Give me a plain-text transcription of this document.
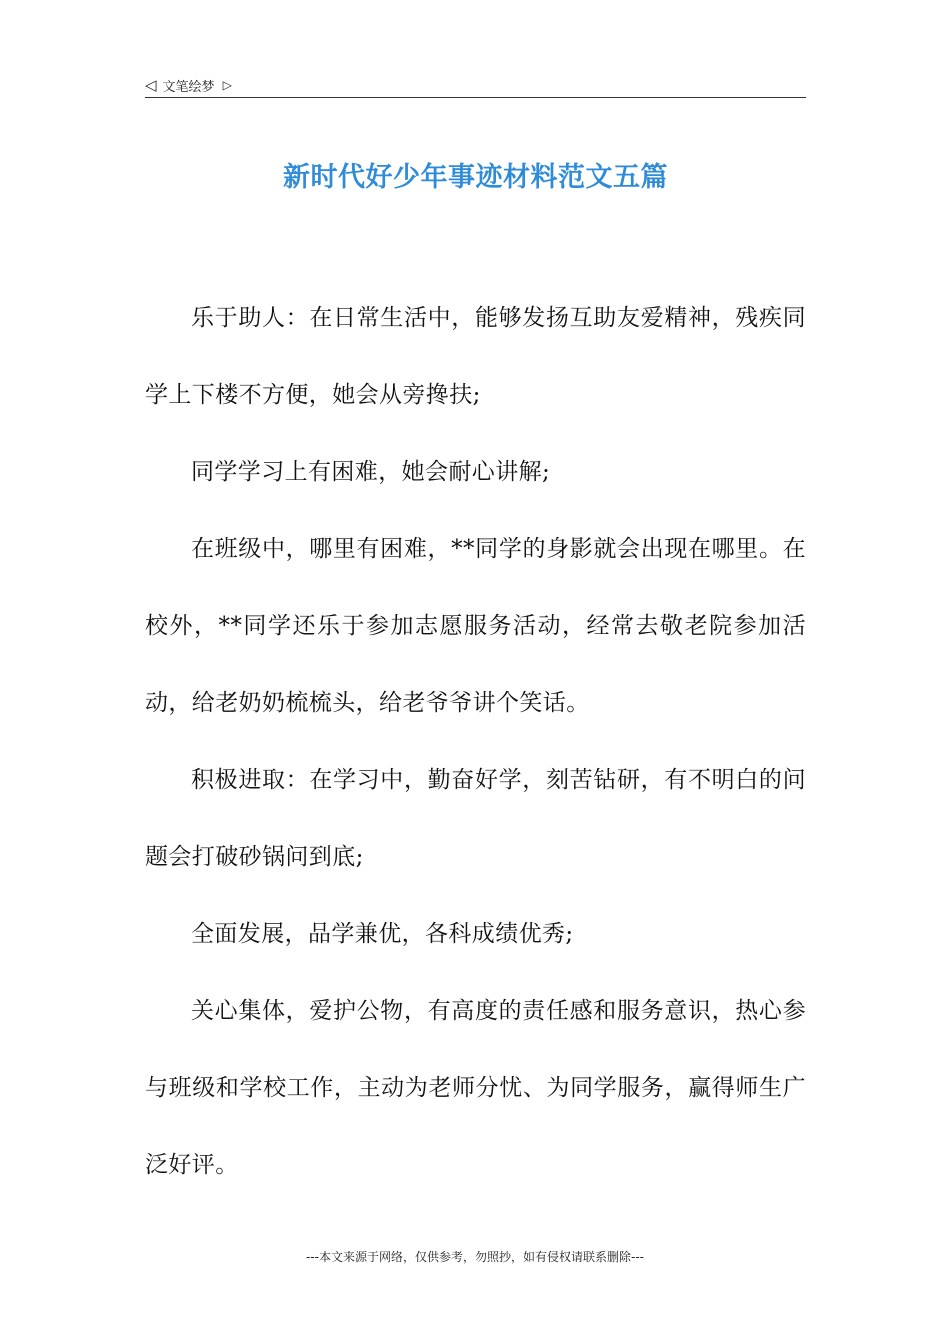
◁ 文笔绘梦 ▷
新时代好少年事迹材料范文五篇

乐于助人：在日常生活中，能够发扬互助友爱精神，残疾同学上下楼不方便，她会从旁搀扶;

同学学习上有困难，她会耐心讲解;

在班级中，哪里有困难，**同学的身影就会出现在哪里。在校外，**同学还乐于参加志愿服务活动，经常去敬老院参加活动，给老奶奶梳梳头，给老爷爷讲个笑话。

积极进取：在学习中，勤奋好学，刻苦钻研，有不明白的问题会打破砂锅问到底;

全面发展，品学兼优，各科成绩优秀;

关心集体，爱护公物，有高度的责任感和服务意识，热心参与班级和学校工作，主动为老师分忧、为同学服务，赢得师生广泛好评。

---本文来源于网络，仅供参考，勿照抄，如有侵权请联系删除---
